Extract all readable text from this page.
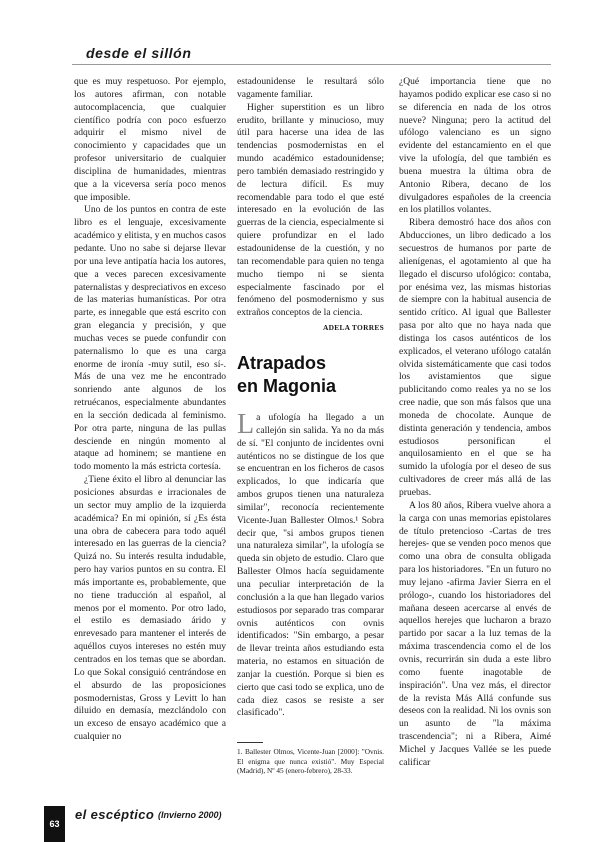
desde el sillón

que es muy respetuoso. Por ejemplo, los autores afirman, con notable autocomplacencia, que cualquier científico podría con poco esfuerzo adquirir el mismo nivel de conocimiento y capacidades que un profesor universitario de cualquier disciplina de humanidades, mientras que a la viceversa sería poco menos que imposible.

Uno de los puntos en contra de este libro es el lenguaje, excesivamente académico y elitista, y en muchos casos pedante. Uno no sabe si dejarse llevar por una leve antipatía hacia los autores, que a veces parecen excesivamente paternalistas y despreciativos en exceso de las materias humanísticas. Por otra parte, es innegable que está escrito con gran elegancia y precisión, y que muchas veces se puede confundir con paternalismo lo que es una carga enorme de ironía -muy sutil, eso sí-. Más de una vez me he encontrado sonriendo ante algunos de los retruécanos, especialmente abundantes en la sección dedicada al feminismo. Por otra parte, ninguna de las pullas desciende en ningún momento al ataque ad hominem; se mantiene en todo momento la más estricta cortesía.

¿Tiene éxito el libro al denunciar las posiciones absurdas e irracionales de un sector muy amplio de la izquierda académica? En mi opinión, sí ¿Es ésta una obra de cabecera para todo aquél interesado en las guerras de la ciencia? Quizá no. Su interés resulta indudable, pero hay varios puntos en su contra. El más importante es, probablemente, que no tiene traducción al español, al menos por el momento. Por otro lado, el estilo es demasiado árido y enrevesado para mantener el interés de aquéllos cuyos intereses no estén muy centrados en los temas que se abordan. Lo que Sokal consiguió centrándose en el absurdo de las proposiciones posmodernistas, Gross y Levitt lo han diluido en demasía, mezclándolo con un exceso de ensayo académico que a cualquier no

estadounidense le resultará sólo vagamente familiar.

Higher superstition es un libro erudito, brillante y minucioso, muy útil para hacerse una idea de las tendencias posmodernistas en el mundo académico estadounidense; pero también demasiado restringido y de lectura difícil. Es muy recomendable para todo el que esté interesado en la evolución de las guerras de la ciencia, especialmente si quiere profundizar en el lado estadounidense de la cuestión, y no tan recomendable para quien no tenga mucho tiempo ni se sienta especialmente fascinado por el fenómeno del posmodernismo y sus extraños conceptos de la ciencia.

ADELA TORRES

Atrapados
en Magonia

La ufología ha llegado a un callejón sin salida. Ya no da más de sí. "El conjunto de incidentes ovni auténticos no se distingue de los que se encuentran en los ficheros de casos explicados, lo que indicaría que ambos grupos tienen una naturaleza similar", reconocía recientemente Vicente-Juan Ballester Olmos.¹ Sobra decir que, "si ambos grupos tienen una naturaleza similar", la ufología se queda sin objeto de estudio. Claro que Ballester Olmos hacía seguidamente una peculiar interpretación de la conclusión a la que han llegado varios estudiosos por separado tras comparar ovnis auténticos con ovnis identificados: "Sin embargo, a pesar de llevar treinta años estudiando esta materia, no estamos en situación de zanjar la cuestión. Porque si bien es cierto que casi todo se explica, uno de cada diez casos se resiste a ser clasificado".

1. Ballester Olmos, Vicente-Juan [2000]: "Ovnis. El enigma que nunca existió". Muy Especial (Madrid), Nº 45 (enero-febrero), 28-33.

¿Qué importancia tiene que no hayamos podido explicar ese caso si no se diferencia en nada de los otros nueve? Ninguna; pero la actitud del ufólogo valenciano es un signo evidente del estancamiento en el que vive la ufología, del que también es buena muestra la última obra de Antonio Ribera, decano de los divulgadores españoles de la creencia en los platillos volantes.

Ribera demostró hace dos años con Abducciones, un libro dedicado a los secuestros de humanos por parte de alienígenas, el agotamiento al que ha llegado el discurso ufológico: contaba, por enésima vez, las mismas historias de siempre con la habitual ausencia de sentido crítico. Al igual que Ballester pasa por alto que no haya nada que distinga los casos auténticos de los explicados, el veterano ufólogo catalán olvida sistemáticamente que casi todos los avistamientos que sigue publicitando como reales ya no se los cree nadie, que son más falsos que una moneda de chocolate. Aunque de distinta generación y tendencia, ambos estudiosos personifican el anquilosamiento en el que se ha sumido la ufología por el deseo de sus cultivadores de creer más allá de las pruebas.

A los 80 años, Ribera vuelve ahora a la carga con unas memorias epistolares de título pretencioso -Cartas de tres herejes- que se venden poco menos que como una obra de consulta obligada para los historiadores. "En un futuro no muy lejano -afirma Javier Sierra en el prólogo-, cuando los historiadores del mañana deseen acercarse al envés de aquellos herejes que lucharon a brazo partido por sacar a la luz temas de la máxima trascendencia como el de los ovnis, recurrirán sin duda a este libro como fuente inagotable de inspiración". Una vez más, el director de la revista Más Allá confunde sus deseos con la realidad. Ni los ovnis son un asunto de "la máxima trascendencia"; ni a Ribera, Aimé Michel y Jacques Vallée se les puede calificar

63
el escéptico (Invierno 2000)
